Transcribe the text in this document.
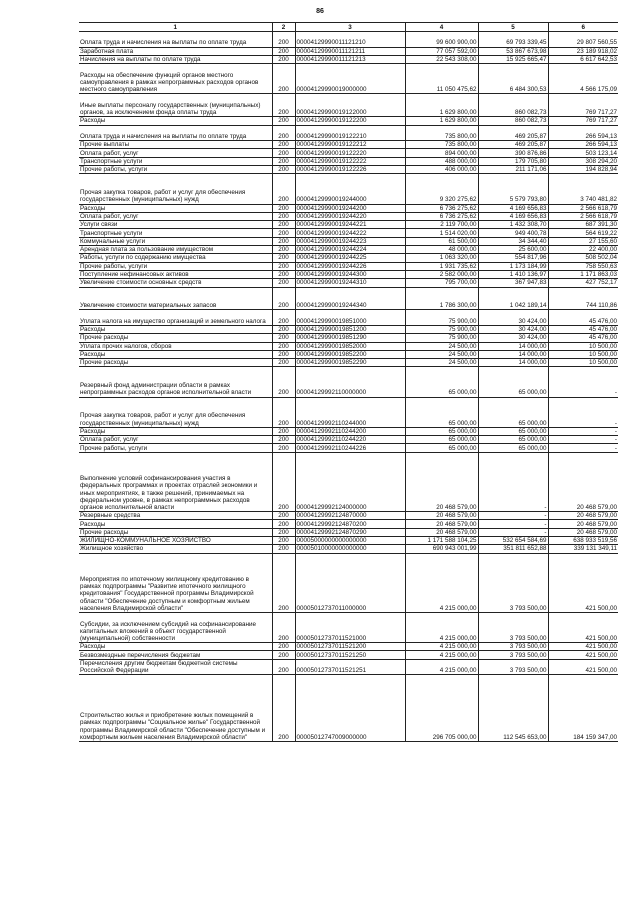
86
1	2	3	4	5	6
Оплата труда и начисления на выплаты по оплате труда	200	00004129990011121210	99 600 900,00	69 793 339,45	29 807 560,55
Заработная плата	200	00004129990011121211	77 057 592,00	53 867 673,98	23 189 918,02
Начисления на выплаты по оплате труда	200	00004129990011121213	22 543 308,00	15 925 665,47	6 617 642,53
Расходы на обеспечение функций органов местного самоуправления в рамках непрограммных расходов органов местного самоуправления	200	00004129990019000000	11 050 475,62	6 484 300,53	4 566 175,09
Иные выплаты персоналу государственных (муниципальных) органов, за исключением фонда оплаты труда	200	00004129990019122000	1 629 800,00	860 082,73	769 717,27
Расходы	200	00004129990019122200	1 629 800,00	860 082,73	769 717,27
Оплата труда и начисления на выплаты по оплате труда	200	00004129990019122210	735 800,00	469 205,87	266 594,13
Прочие выплаты	200	00004129990019122212	735 800,00	469 205,87	266 594,13
Оплата работ, услуг	200	00004129990019122220	894 000,00	390 876,86	503 123,14
Транспортные услуги	200	00004129990019122222	488 000,00	179 705,80	308 294,20
Прочие работы, услуги	200	00004129990019122226	406 000,00	211 171,06	194 828,94
Прочая закупка товаров, работ и услуг для обеспечения государственных (муниципальных) нужд	200	00004129990019244000	9 320 275,62	5 579 793,80	3 740 481,82
Расходы	200	00004129990019244200	6 736 275,62	4 169 656,83	2 566 618,79
Оплата работ, услуг	200	00004129990019244220	6 736 275,62	4 169 656,83	2 566 618,79
Услуги связи	200	00004129990019244221	2 119 700,00	1 432 308,70	687 391,30
Транспортные услуги	200	00004129990019244222	1 514 020,00	949 400,78	564 619,22
Коммунальные услуги	200	00004129990019244223	61 500,00	34 344,40	27 155,60
Арендная плата за пользование имуществом	200	00004129990019244224	48 000,00	25 600,00	22 400,00
Работы, услуги по содержанию имущества	200	00004129990019244225	1 063 320,00	554 817,96	508 502,04
Прочие работы, услуги	200	00004129990019244226	1 931 735,62	1 173 184,99	758 550,63
Поступление нефинансовых активов	200	00004129990019244300	2 582 000,00	1 410 136,97	1 171 863,03
Увеличение стоимости основных средств	200	00004129990019244310	795 700,00	367 947,83	427 752,17
Увеличение стоимости материальных запасов	200	00004129990019244340	1 786 300,00	1 042 189,14	744 110,86
Уплата налога на имущество организаций и земельного налога	200	00004129990019851000	75 900,00	30 424,00	45 476,00
Расходы	200	00004129990019851200	75 900,00	30 424,00	45 476,00
Прочие расходы	200	00004129990019851290	75 900,00	30 424,00	45 476,00
Уплата прочих налогов, сборов	200	00004129990019852000	24 500,00	14 000,00	10 500,00
Расходы	200	00004129990019852200	24 500,00	14 000,00	10 500,00
Прочие расходы	200	00004129990019852290	24 500,00	14 000,00	10 500,00
Резервный фонд администрации области в рамках непрограммных расходов органов исполнительной власти	200	00004129992110000000	65 000,00	65 000,00	-
Прочая закупка товаров, работ и услуг для обеспечения государственных (муниципальных) нужд	200	00004129992110244000	65 000,00	65 000,00	-
Расходы	200	00004129992110244200	65 000,00	65 000,00	-
Оплата работ, услуг	200	00004129992110244220	65 000,00	65 000,00	-
Прочие работы, услуги	200	00004129992110244226	65 000,00	65 000,00	-
Выполнение условий софинансирования участия в федеральных программах и проектах отраслей экономики и иных мероприятиях, в также решений, принимаемых на федеральном уровне, в рамках непрограммных расходов органов исполнительной власти	200	00004129992124000000	20 468 579,00	-	20 468 579,00
Резервные средства	200	00004129992124870000	20 468 579,00	-	20 468 579,00
Расходы	200	00004129992124870200	20 468 579,00	-	20 468 579,00
Прочие расходы	200	00004129992124870290	20 468 579,00	-	20 468 579,00
ЖИЛИЩНО-КОММУНАЛЬНОЕ ХОЗЯЙСТВО	200	00005000000000000000	1 171 588 104,25	532 654 584,69	638 933 519,56
Жилищное хозяйство	200	00005010000000000000	690 943 001,99	351 811 652,88	339 131 349,11
Мероприятия по ипотечному жилищному кредитованию в рамках подпрограммы "Развитие ипотечного жилищного кредитования" Государственной программы Владимирской области "Обеспечение доступным и комфортным жильем населения Владимирской области"	200	00005012737011000000	4 215 000,00	3 793 500,00	421 500,00
Субсидии, за исключением субсидий на софинансирование капитальных вложений в объект государственной (муниципальной) собственности	200	00005012737011521000	4 215 000,00	3 793 500,00	421 500,00
Расходы	200	00005012737011521200	4 215 000,00	3 793 500,00	421 500,00
Безвозмездные перечисления бюджетам	200	00005012737011521250	4 215 000,00	3 793 500,00	421 500,00
Перечисления другим бюджетам бюджетной системы Российской Федерации	200	00005012737011521251	4 215 000,00	3 793 500,00	421 500,00
Строительство жилья и приобретение жилых помещений в рамках подпрограммы "Социальное жилье" Государственной программы Владимирской области "Обеспечение доступным и комфортным жильем населения Владимирской области"	200	00005012747009000000	296 705 000,00	112 545 653,00	184 159 347,00
